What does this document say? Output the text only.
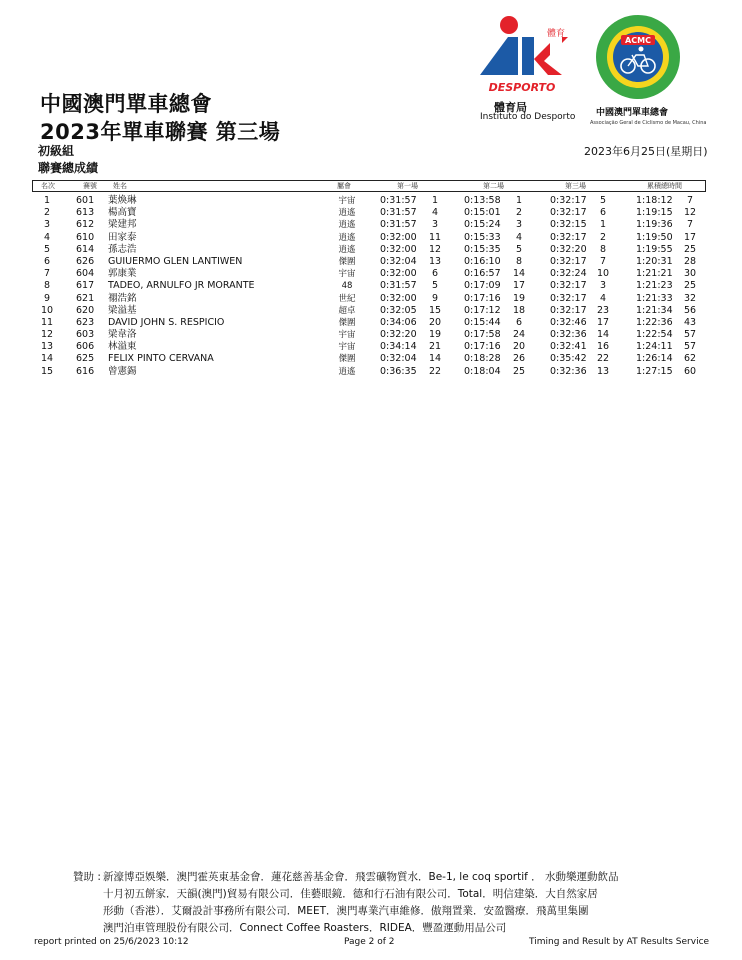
體育
DESPORTO
體育局
Instituto do Desporto
ACMC
中國澳門單車總會
Associação Geral de Ciclismo de Macau, China
中國澳門單車總會
2023年單車聯賽 第三場
初級組
聯賽總成績
2023年6月25日(星期日)
名次	賽號 姓名	屬會	第一場	第二場	第三場	累積總時間
1	601 葉煥琳	宇宙	0:31:57	1	0:13:58	1	0:32:17	5	1:18:12	7
2	613 楊高寶	逍遙	0:31:57	4	0:15:01	2	0:32:17	6	1:19:15	12
3	612 梁建邦	逍遙	0:31:57	3	0:15:24	3	0:32:15	1	1:19:36	7
4	610 田家泰	逍遙	0:32:00	11	0:15:33	4	0:32:17	2	1:19:50	17
5	614 孫志浩	逍遙	0:32:00	12	0:15:35	5	0:32:20	8	1:19:55	25
6	626 GUIUERMO GLEN LANTIWEN	傑圍	0:32:04	13	0:16:10	8	0:32:17	7	1:20:31	28
7	604 郭康業	宇宙	0:32:00	6	0:16:57	14	0:32:24	10	1:21:21	30
8	617 TADEO, ARNULFO JR MORANTE	48	0:31:57	5	0:17:09	17	0:32:17	3	1:21:23	25
9	621 禤浩銘	世紀	0:32:00	9	0:17:16	19	0:32:17	4	1:21:33	32
10	620 梁溢基	超卓	0:32:05	15	0:17:12	18	0:32:17	23	1:21:34	56
11	623 DAVID JOHN S. RESPICIO	傑圍	0:34:06	20	0:15:44	6	0:32:46	17	1:22:36	43
12	603 梁韋洛	宇宙	0:32:20	19	0:17:58	24	0:32:36	14	1:22:54	57
13	606 林溢東	宇宙	0:34:14	21	0:17:16	20	0:32:41	16	1:24:11	57
14	625 FELIX PINTO CERVANA	傑圍	0:32:04	14	0:18:28	26	0:35:42	22	1:26:14	62
15	616 曾憲錫	逍遙	0:36:35	22	0:18:04	25	0:32:36	13	1:27:15	60
贊助 : 新濠博亞娛樂．澳門霍英東基金會．蓮花慈善基金會．飛雲礦物質水．Be-1, le coq sportif ． 水動樂運動飲品
十月初五餅家．天韻(澳門)貿易有限公司．佳藝眼鏡．德和行石油有限公司．Total．明信建築．大自然家居
形動（香港）．艾爾設計事務所有限公司．MEET．澳門專業汽車維修．傲翔置業．安盈醫療．飛萬里集團
澳門泊車管理股份有限公司．Connect Coffee Roasters．RIDEA．豐盈運動用品公司
report printed on 25/6/2023 10:12	Page 2 of 2	Timing and Result by AT Results Service
